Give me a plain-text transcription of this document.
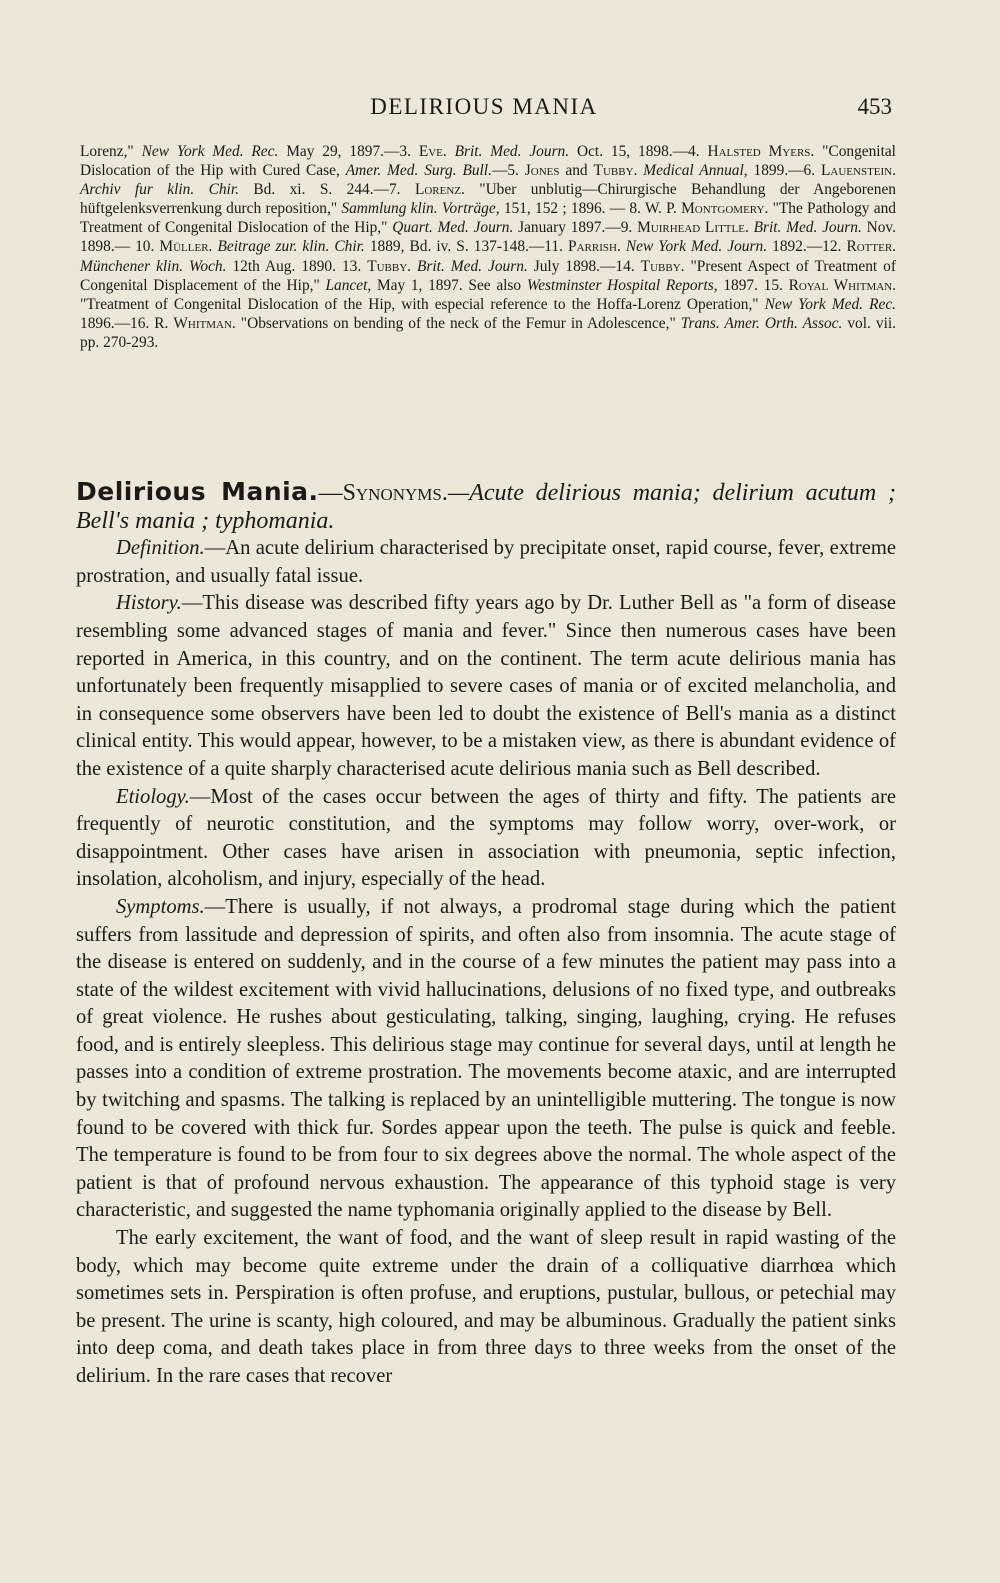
DELIRIOUS MANIA	453
Lorenz," New York Med. Rec. May 29, 1897.—3. Eve. Brit. Med. Journ. Oct. 15, 1898.—4. Halsted Myers. "Congenital Dislocation of the Hip with Cured Case, Amer. Med. Surg. Bull.—5. Jones and Tubby. Medical Annual, 1899.—6. Lauenstein. Archiv fur klin. Chir. Bd. xi. S. 244.—7. Lorenz. "Uber unblutig—Chirurgische Behandlung der Angeborenen hüftgelenksverrenkung durch reposition," Sammlung klin. Vorträge, 151, 152 ; 1896. — 8. W. P. Montgomery. "The Pathology and Treatment of Congenital Dislocation of the Hip," Quart. Med. Journ. January 1897.—9. Muirhead Little. Brit. Med. Journ. Nov. 1898.— 10. Müller. Beitrage zur. klin. Chir. 1889, Bd. iv. S. 137-148.—11. Parrish. New York Med. Journ. 1892.—12. Rotter. Münchener klin. Woch. 12th Aug. 1890. 13. Tubby. Brit. Med. Journ. July 1898.—14. Tubby. "Present Aspect of Treatment of Congenital Displacement of the Hip," Lancet, May 1, 1897. See also Westminster Hospital Reports, 1897. 15. Royal Whitman. "Treatment of Congenital Dislocation of the Hip, with especial reference to the Hoffa-Lorenz Operation," New York Med. Rec. 1896.—16. R. Whitman. "Observations on bending of the neck of the Femur in Adolescence," Trans. Amer. Orth. Assoc. vol. vii. pp. 270-293.

Delirious Mania.—Synonyms.—Acute delirious mania; delirium acutum ; Bell's mania ; typhomania.

Definition.—An acute delirium characterised by precipitate onset, rapid course, fever, extreme prostration, and usually fatal issue.

History.—This disease was described fifty years ago by Dr. Luther Bell as "a form of disease resembling some advanced stages of mania and fever." Since then numerous cases have been reported in America, in this country, and on the continent. The term acute delirious mania has unfortunately been frequently misapplied to severe cases of mania or of excited melancholia, and in consequence some observers have been led to doubt the existence of Bell's mania as a distinct clinical entity. This would appear, however, to be a mistaken view, as there is abundant evidence of the existence of a quite sharply characterised acute delirious mania such as Bell described.

Etiology.—Most of the cases occur between the ages of thirty and fifty. The patients are frequently of neurotic constitution, and the symptoms may follow worry, over-work, or disappointment. Other cases have arisen in association with pneumonia, septic infection, insolation, alcoholism, and injury, especially of the head.

Symptoms.—There is usually, if not always, a prodromal stage during which the patient suffers from lassitude and depression of spirits, and often also from insomnia. The acute stage of the disease is entered on suddenly, and in the course of a few minutes the patient may pass into a state of the wildest excitement with vivid hallucinations, delusions of no fixed type, and outbreaks of great violence. He rushes about gesticulating, talking, singing, laughing, crying. He refuses food, and is entirely sleepless. This delirious stage may continue for several days, until at length he passes into a condition of extreme prostration. The movements become ataxic, and are interrupted by twitching and spasms. The talking is replaced by an unintelligible muttering. The tongue is now found to be covered with thick fur. Sordes appear upon the teeth. The pulse is quick and feeble. The temperature is found to be from four to six degrees above the normal. The whole aspect of the patient is that of profound nervous exhaustion. The appearance of this typhoid stage is very characteristic, and suggested the name typhomania originally applied to the disease by Bell.

The early excitement, the want of food, and the want of sleep result in rapid wasting of the body, which may become quite extreme under the drain of a colliquative diarrhœa which sometimes sets in. Perspiration is often profuse, and eruptions, pustular, bullous, or petechial may be present. The urine is scanty, high coloured, and may be albuminous. Gradually the patient sinks into deep coma, and death takes place in from three days to three weeks from the onset of the delirium. In the rare cases that recover
